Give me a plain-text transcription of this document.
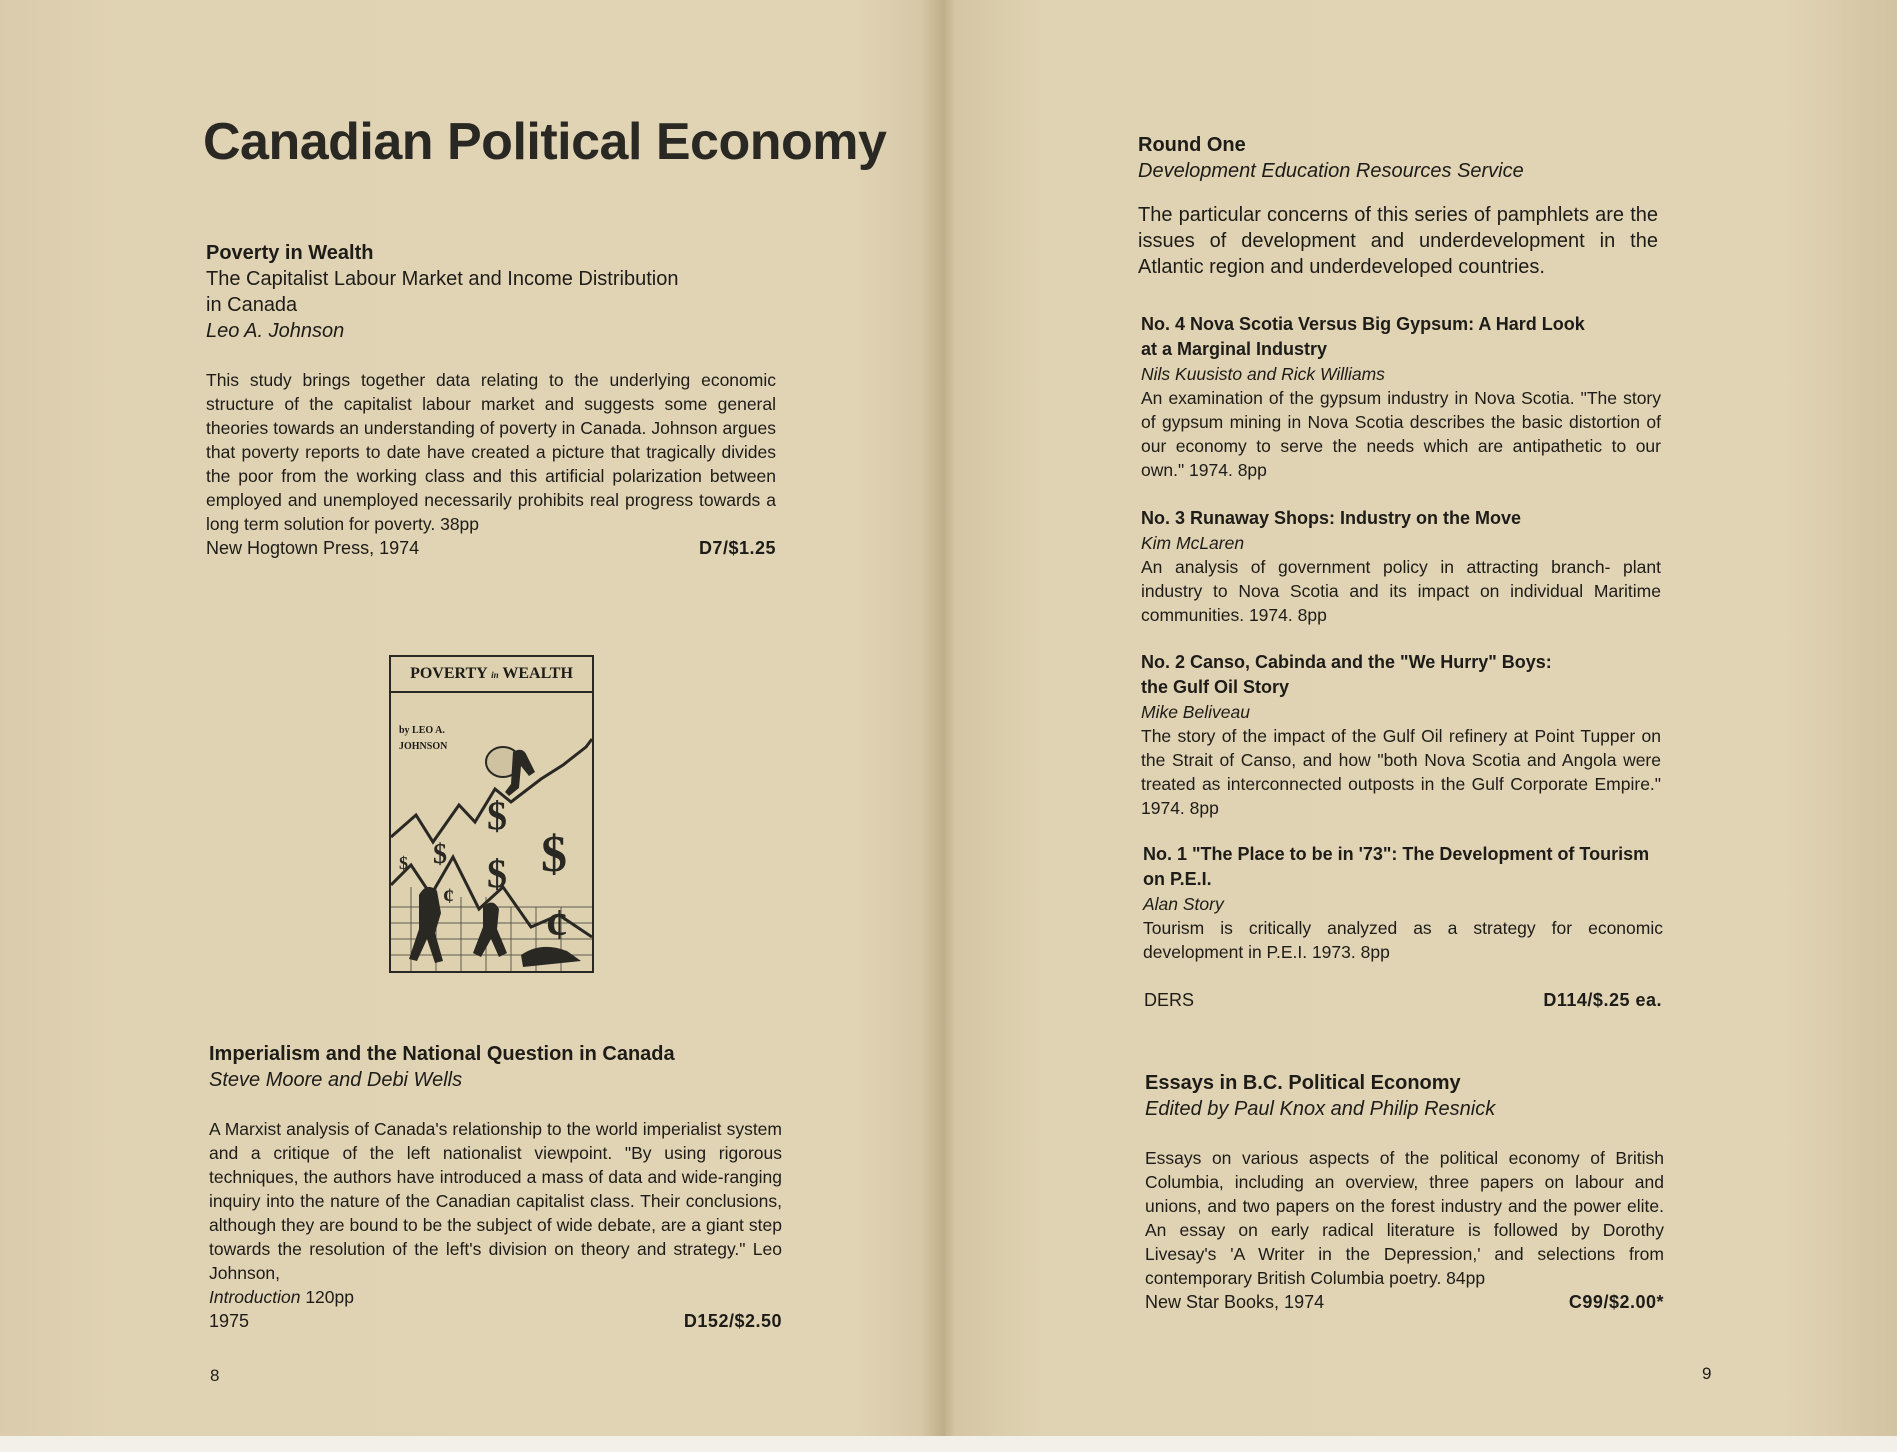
Canadian Political Economy
Poverty in Wealth
The Capitalist Labour Market and Income Distribution
in Canada
Leo A. Johnson

This study brings together data relating to the underlying economic structure of the capitalist labour market and suggests some general theories towards an understanding of poverty in Canada. Johnson argues that poverty reports to date have created a picture that tragically divides the poor from the working class and this artificial polarization between employed and unemployed necessarily prohibits real progress towards a long term solution for poverty. 38pp

New Hogtown Press, 1974	D7/$1.25
POVERTY in WEALTH
by LEO A.
JOHNSON
$
$
$
$
$
¢
¢
Imperialism and the National Question in Canada
Steve Moore and Debi Wells

A Marxist analysis of Canada's relationship to the world imperialist system and a critique of the left nationalist viewpoint. "By using rigorous techniques, the authors have introduced a mass of data and wide-ranging inquiry into the nature of the Canadian capitalist class. Their conclusions, although they are bound to be the subject of wide debate, are a giant step towards the resolution of the left's division on theory and strategy." Leo Johnson,

Introduction 120pp
1975	D152/$2.50
8
Round One
Development Education Resources Service

The particular concerns of this series of pamphlets are the issues of development and underdevelopment in the Atlantic region and underdeveloped countries.

No. 4 Nova Scotia Versus Big Gypsum: A Hard Look
at a Marginal Industry
Nils Kuusisto and Rick Williams

An examination of the gypsum industry in Nova Scotia. "The story of gypsum mining in Nova Scotia describes the basic distortion of our economy to serve the needs which are antipathetic to our own." 1974. 8pp

No. 3 Runaway Shops: Industry on the Move
Kim McLaren

An analysis of government policy in attracting branch- plant industry to Nova Scotia and its impact on individual Maritime communities. 1974. 8pp

No. 2 Canso, Cabinda and the "We Hurry" Boys:
the Gulf Oil Story
Mike Beliveau

The story of the impact of the Gulf Oil refinery at Point Tupper on the Strait of Canso, and how "both Nova Scotia and Angola were treated as interconnected outposts in the Gulf Corporate Empire." 1974. 8pp

No. 1 "The Place to be in '73": The Development of Tourism
on P.E.I.
Alan Story

Tourism is critically analyzed as a strategy for economic development in P.E.I. 1973. 8pp

DERS	D114/$.25 ea.
Essays in B.C. Political Economy
Edited by Paul Knox and Philip Resnick

Essays on various aspects of the political economy of British Columbia, including an overview, three papers on labour and unions, and two papers on the forest industry and the power elite. An essay on early radical literature is followed by Dorothy Livesay's 'A Writer in the Depression,' and selections from contemporary British Columbia poetry. 84pp

New Star Books, 1974	C99/$2.00*
9
